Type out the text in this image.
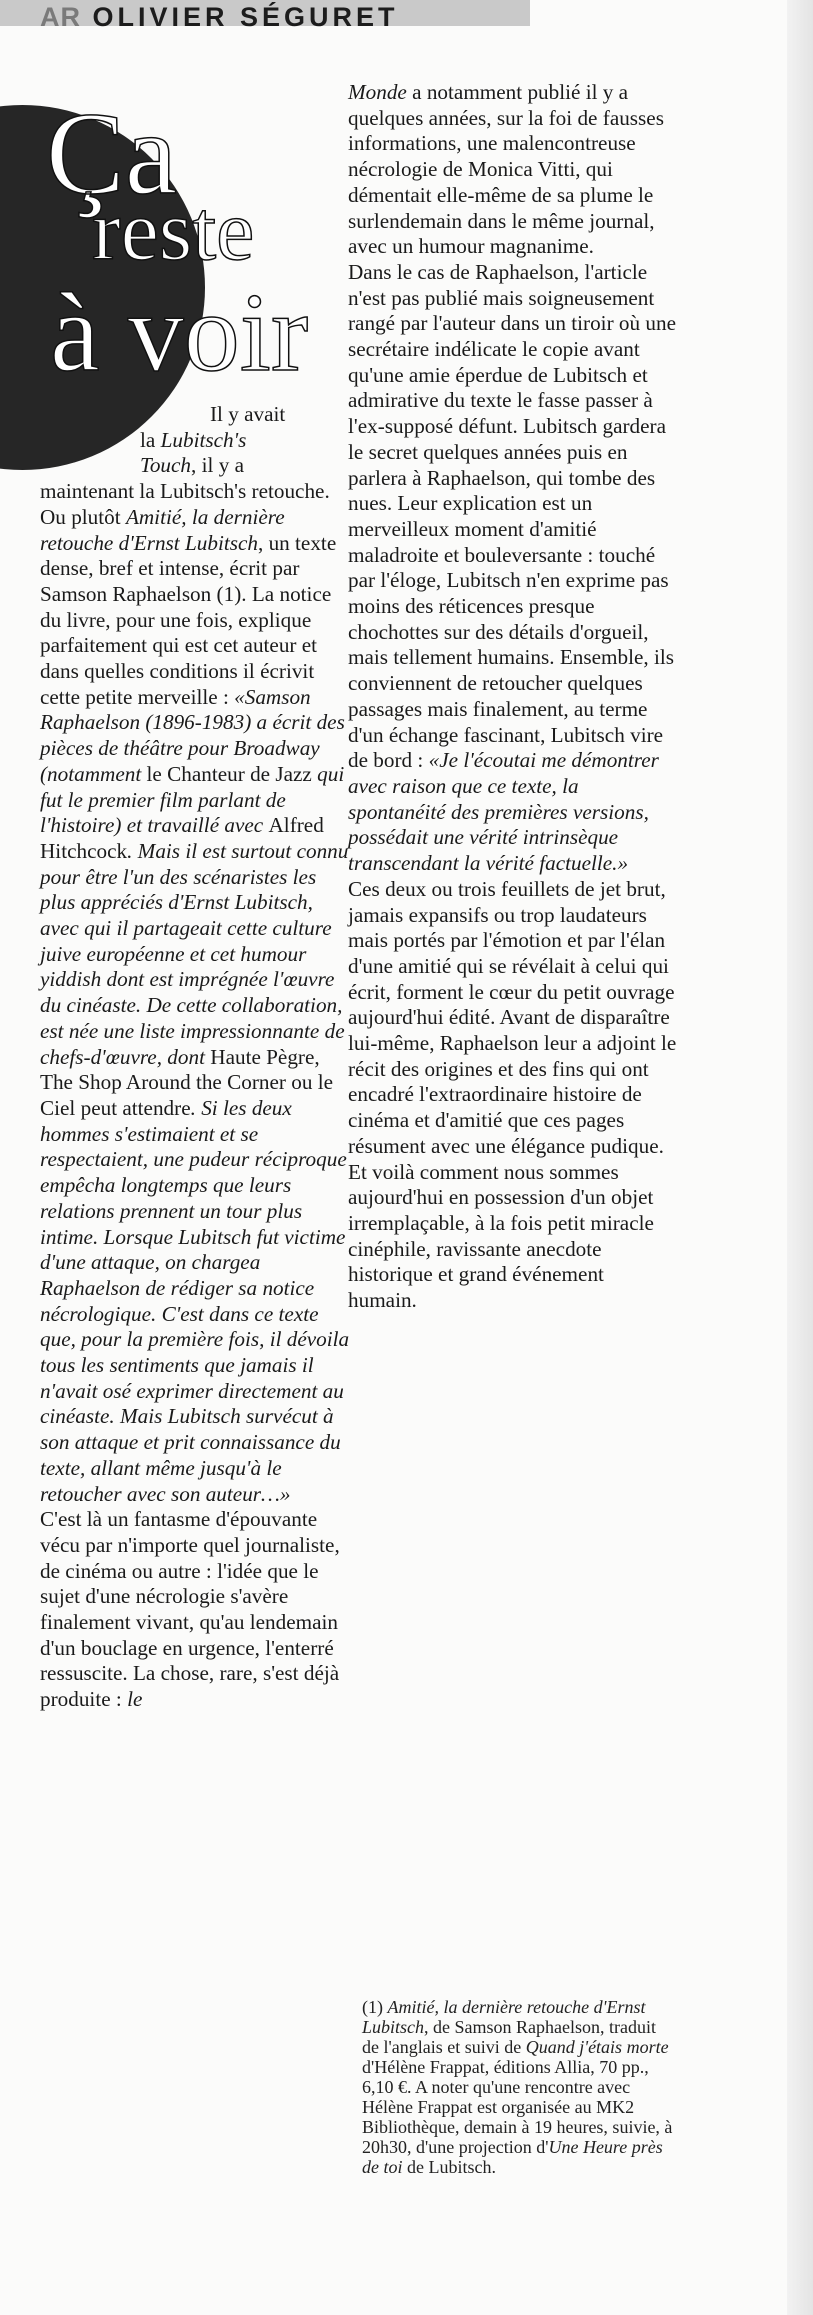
AR OLIVIER SÉGURET
Ça
reste
à voir

Il y avait
la Lubitsch's
Touch, il y a

maintenant la Lubitsch's retouche. Ou plutôt Amitié, la dernière retouche d'Ernst Lubitsch, un texte dense, bref et intense, écrit par Samson Raphaelson (1). La notice du livre, pour une fois, explique parfaitement qui est cet auteur et dans quelles conditions il écrivit cette petite merveille : «Samson Raphaelson (1896-1983) a écrit des pièces de théâtre pour Broadway (notamment le Chanteur de Jazz qui fut le premier film parlant de l'histoire) et travaillé avec Alfred Hitchcock. Mais il est surtout connu pour être l'un des scénaristes les plus appréciés d'Ernst Lubitsch, avec qui il partageait cette culture juive européenne et cet humour yiddish dont est imprégnée l'œuvre du cinéaste. De cette collaboration, est née une liste impressionnante de chefs-d'œuvre, dont Haute Pègre, The Shop Around the Corner ou le Ciel peut attendre. Si les deux hommes s'estimaient et se respectaient, une pudeur réciproque empêcha longtemps que leurs relations prennent un tour plus intime. Lorsque Lubitsch fut victime d'une attaque, on chargea Raphaelson de rédiger sa notice nécrologique. C'est dans ce texte que, pour la première fois, il dévoila tous les sentiments que jamais il n'avait osé exprimer directement au cinéaste. Mais Lubitsch survécut à son attaque et prit connaissance du texte, allant même jusqu'à le retoucher avec son auteur…»

C'est là un fantasme d'épouvante vécu par n'importe quel journaliste, de cinéma ou autre : l'idée que le sujet d'une nécrologie s'avère finalement vivant, qu'au lendemain d'un bouclage en urgence, l'enterré ressuscite. La chose, rare, s'est déjà produite : le

Monde a notamment publié il y a quelques années, sur la foi de fausses informations, une malencontreuse nécrologie de Monica Vitti, qui démentait elle-même de sa plume le surlendemain dans le même journal, avec un humour magnanime.

Dans le cas de Raphaelson, l'article n'est pas publié mais soigneusement rangé par l'auteur dans un tiroir où une secrétaire indélicate le copie avant qu'une amie éperdue de Lubitsch et admirative du texte le fasse passer à l'ex-supposé défunt. Lubitsch gardera le secret quelques années puis en parlera à Raphaelson, qui tombe des nues. Leur explication est un merveilleux moment d'amitié maladroite et bouleversante : touché par l'éloge, Lubitsch n'en exprime pas moins des réticences presque chochottes sur des détails d'orgueil, mais tellement humains. Ensemble, ils conviennent de retoucher quelques passages mais finalement, au terme d'un échange fascinant, Lubitsch vire de bord : «Je l'écoutai me démontrer avec raison que ce texte, la spontanéité des premières versions, possédait une vérité intrinsèque transcendant la vérité factuelle.»

Ces deux ou trois feuillets de jet brut, jamais expansifs ou trop laudateurs mais portés par l'émotion et par l'élan d'une amitié qui se révélait à celui qui écrit, forment le cœur du petit ouvrage aujourd'hui édité. Avant de disparaître lui-même, Raphaelson leur a adjoint le récit des origines et des fins qui ont encadré l'extraordinaire histoire de cinéma et d'amitié que ces pages résument avec une élégance pudique. Et voilà comment nous sommes aujourd'hui en possession d'un objet irremplaçable, à la fois petit miracle cinéphile, ravissante anecdote historique et grand événement humain.

(1) Amitié, la dernière retouche d'Ernst Lubitsch, de Samson Raphaelson, traduit de l'anglais et suivi de Quand j'étais morte d'Hélène Frappat, éditions Allia, 70 pp., 6,10 €. A noter qu'une rencontre avec Hélène Frappat est organisée au MK2 Bibliothèque, demain à 19 heures, suivie, à 20h30, d'une projection d'Une Heure près de toi de Lubitsch.
